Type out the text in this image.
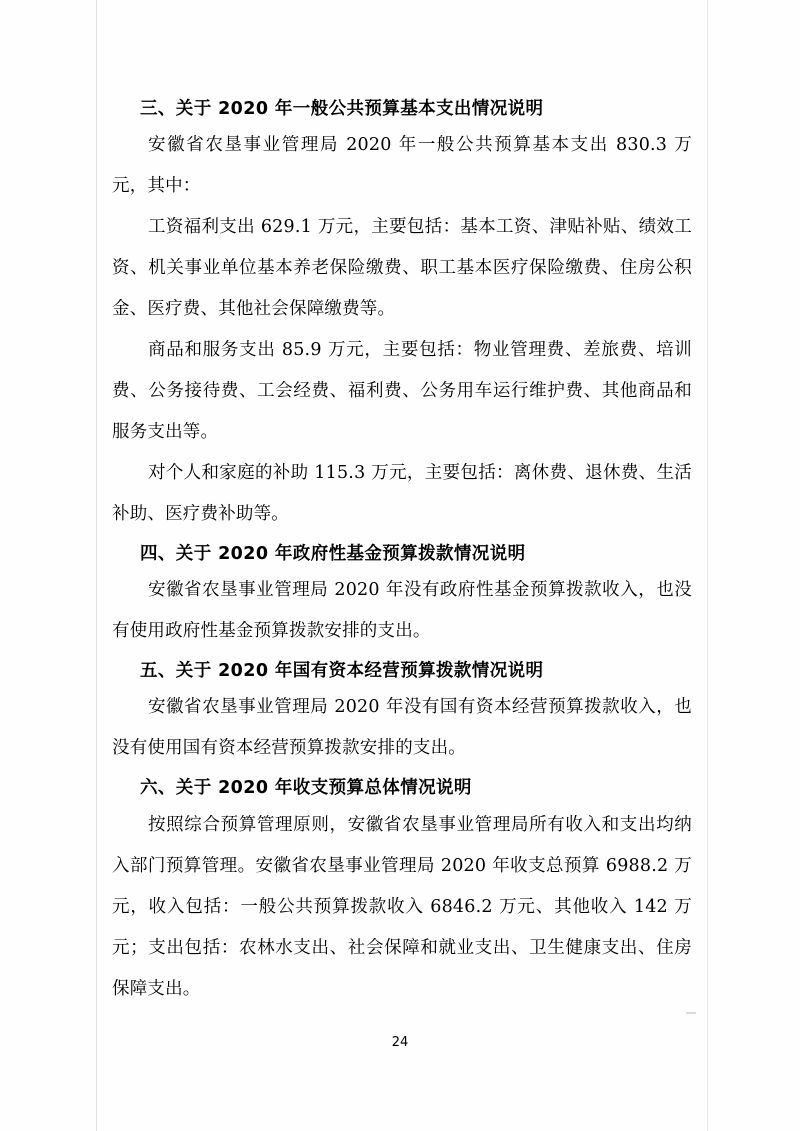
三、关于 2020 年一般公共预算基本支出情况说明

安徽省农垦事业管理局 2020 年一般公共预算基本支出 830.3 万元，其中：

工资福利支出 629.1 万元，主要包括：基本工资、津贴补贴、绩效工资、机关事业单位基本养老保险缴费、职工基本医疗保险缴费、住房公积金、医疗费、其他社会保障缴费等。

商品和服务支出 85.9 万元，主要包括：物业管理费、差旅费、培训费、公务接待费、工会经费、福利费、公务用车运行维护费、其他商品和服务支出等。

对个人和家庭的补助 115.3 万元，主要包括：离休费、退休费、生活补助、医疗费补助等。

四、关于 2020 年政府性基金预算拨款情况说明

安徽省农垦事业管理局 2020 年没有政府性基金预算拨款收入，也没有使用政府性基金预算拨款安排的支出。

五、关于 2020 年国有资本经营预算拨款情况说明

安徽省农垦事业管理局 2020 年没有国有资本经营预算拨款收入，也没有使用国有资本经营预算拨款安排的支出。

六、关于 2020 年收支预算总体情况说明

按照综合预算管理原则，安徽省农垦事业管理局所有收入和支出均纳入部门预算管理。安徽省农垦事业管理局 2020 年收支总预算 6988.2 万元，收入包括：一般公共预算拨款收入 6846.2 万元、其他收入 142 万元；支出包括：农林水支出、社会保障和就业支出、卫生健康支出、住房保障支出。

24
